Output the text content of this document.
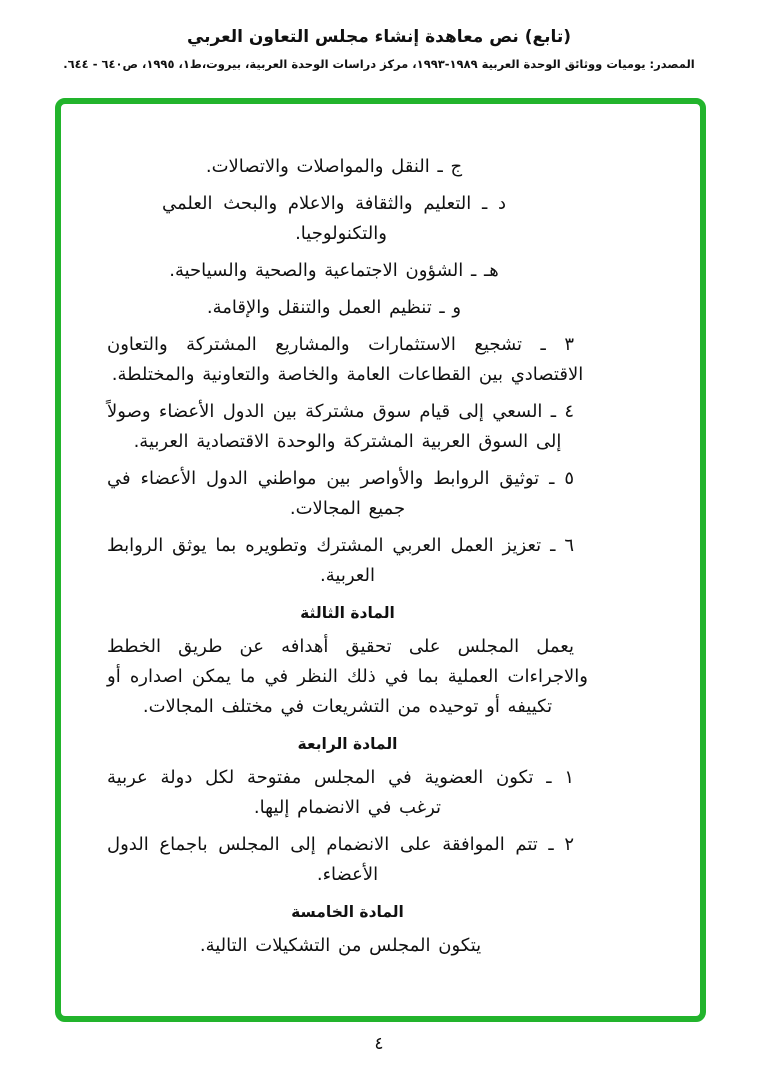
(تابع) نص معاهدة إنشاء مجلس التعاون العربي
المصدر: يوميات ووثائق الوحدة العربية ١٩٨٩-١٩٩٣، مركز دراسات الوحدة العربية، بيروت،ط١، ١٩٩٥، ص٦٤٠ - ٦٤٤.

ج ـ النقل والمواصلات والاتصالات.

د ـ التعليم والثقافة والاعلام والبحث العلمي والتكنولوجيا.

هـ ـ الشؤون الاجتماعية والصحية والسياحية.

و ـ تنظيم العمل والتنقل والإقامة.

٣ ـ تشجيع الاستثمارات والمشاريع المشتركة والتعاون الاقتصادي بين القطاعات العامة والخاصة والتعاونية والمختلطة.

٤ ـ السعي إلى قيام سوق مشتركة بين الدول الأعضاء وصولاً إلى السوق العربية المشتركة والوحدة الاقتصادية العربية.

٥ ـ توثيق الروابط والأواصر بين مواطني الدول الأعضاء في جميع المجالات.

٦ ـ تعزيز العمل العربي المشترك وتطويره بما يوثق الروابط العربية.

المادة الثالثة

يعمل المجلس على تحقيق أهدافه عن طريق الخطط والاجراءات العملية بما في ذلك النظر في ما يمكن اصداره أو تكييفه أو توحيده من التشريعات في مختلف المجالات.

المادة الرابعة

١ ـ تكون العضوية في المجلس مفتوحة لكل دولة عربية ترغب في الانضمام إليها.

٢ ـ تتم الموافقة على الانضمام إلى المجلس باجماع الدول الأعضاء.

المادة الخامسة

يتكون المجلس من التشكيلات التالية.

٤
